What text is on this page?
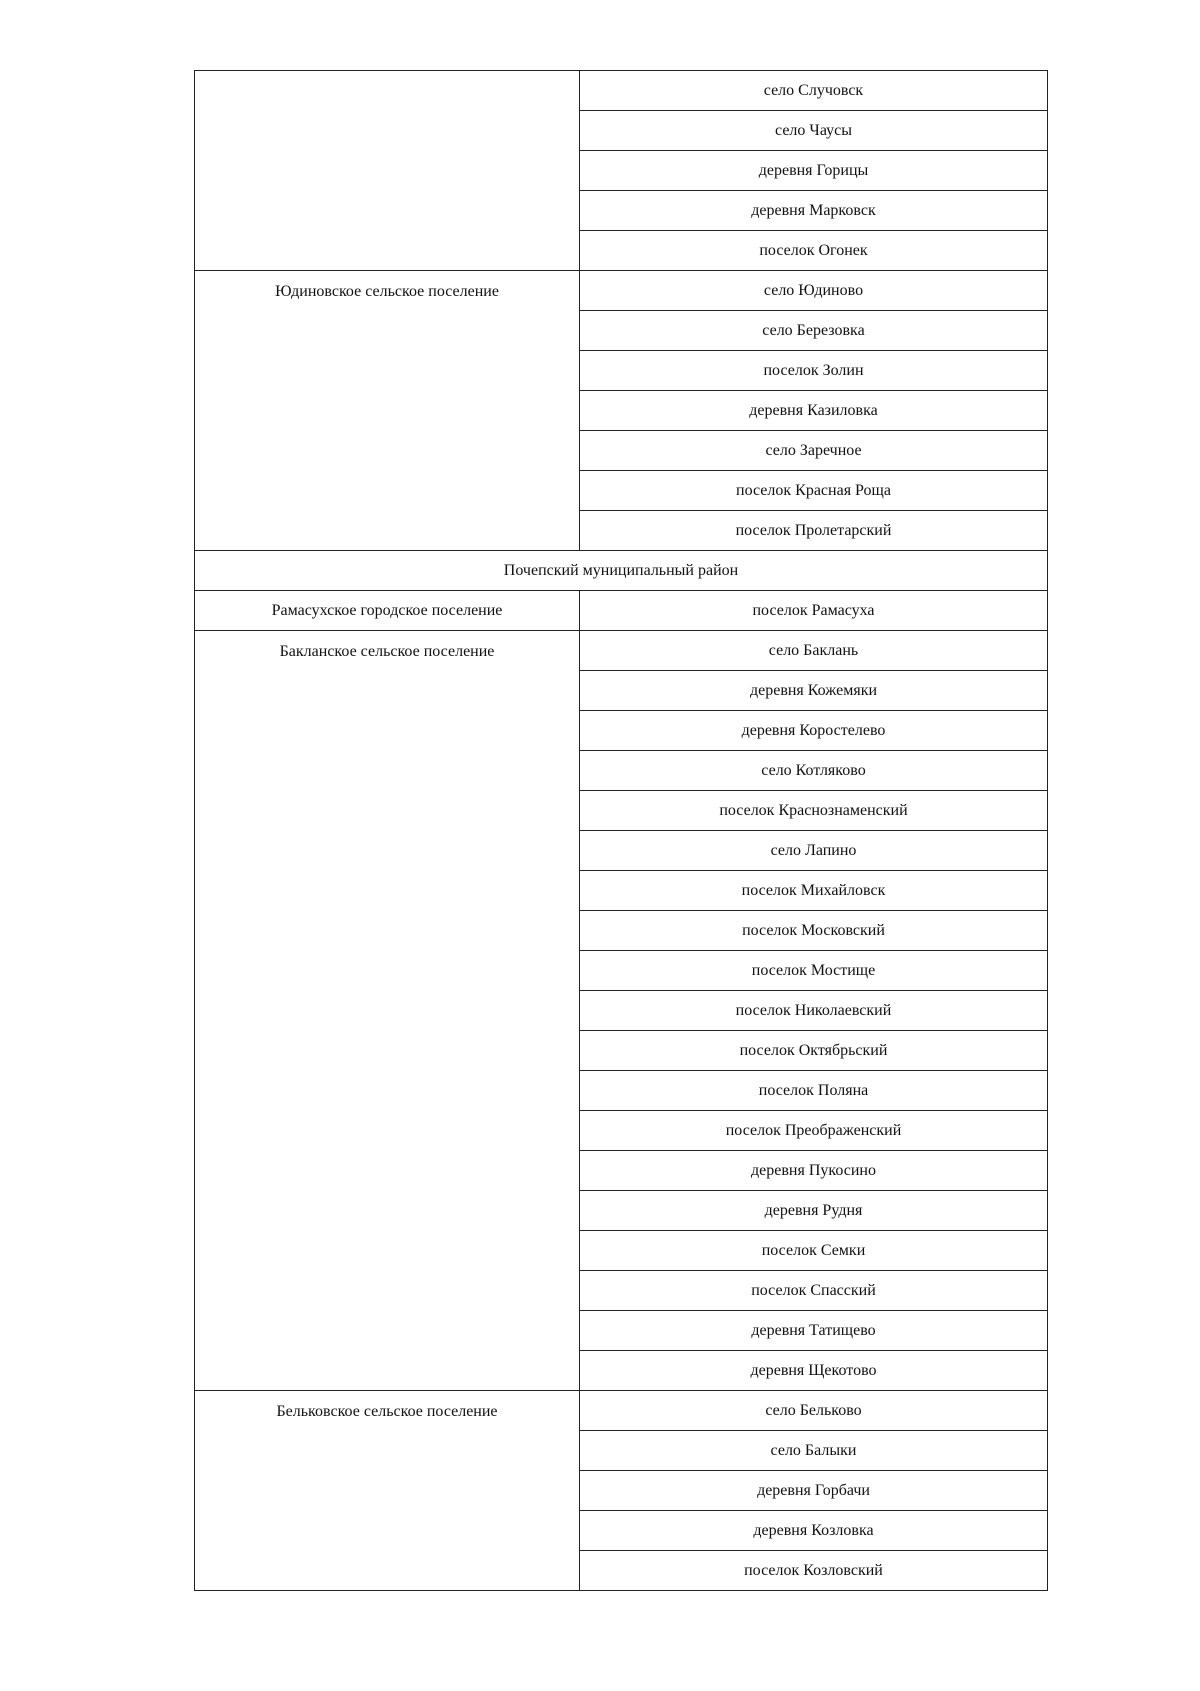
	село Случовск
	село Чаусы
	деревня Горицы
	деревня Марковск
	поселок Огонек
Юдиновское сельское поселение	село Юдиново
	село Березовка
	поселок Золин
	деревня Казиловка
	село Заречное
	поселок Красная Роща
	поселок Пролетарский
Почепский муниципальный район	
Рамасухское городское поселение	поселок Рамасуха
Бакланское сельское поселение	село Баклань
	деревня Кожемяки
	деревня Коростелево
	село Котляково
	поселок Краснознаменский
	село Лапино
	поселок Михайловск
	поселок Московский
	поселок Мостище
	поселок Николаевский
	поселок Октябрьский
	поселок Поляна
	поселок Преображенский
	деревня Пукосино
	деревня Рудня
	поселок Семки
	поселок Спасский
	деревня Татищево
	деревня Щекотово
Бельковское сельское поселение	село Бельково
	село Балыки
	деревня Горбачи
	деревня Козловка
	поселок Козловский
